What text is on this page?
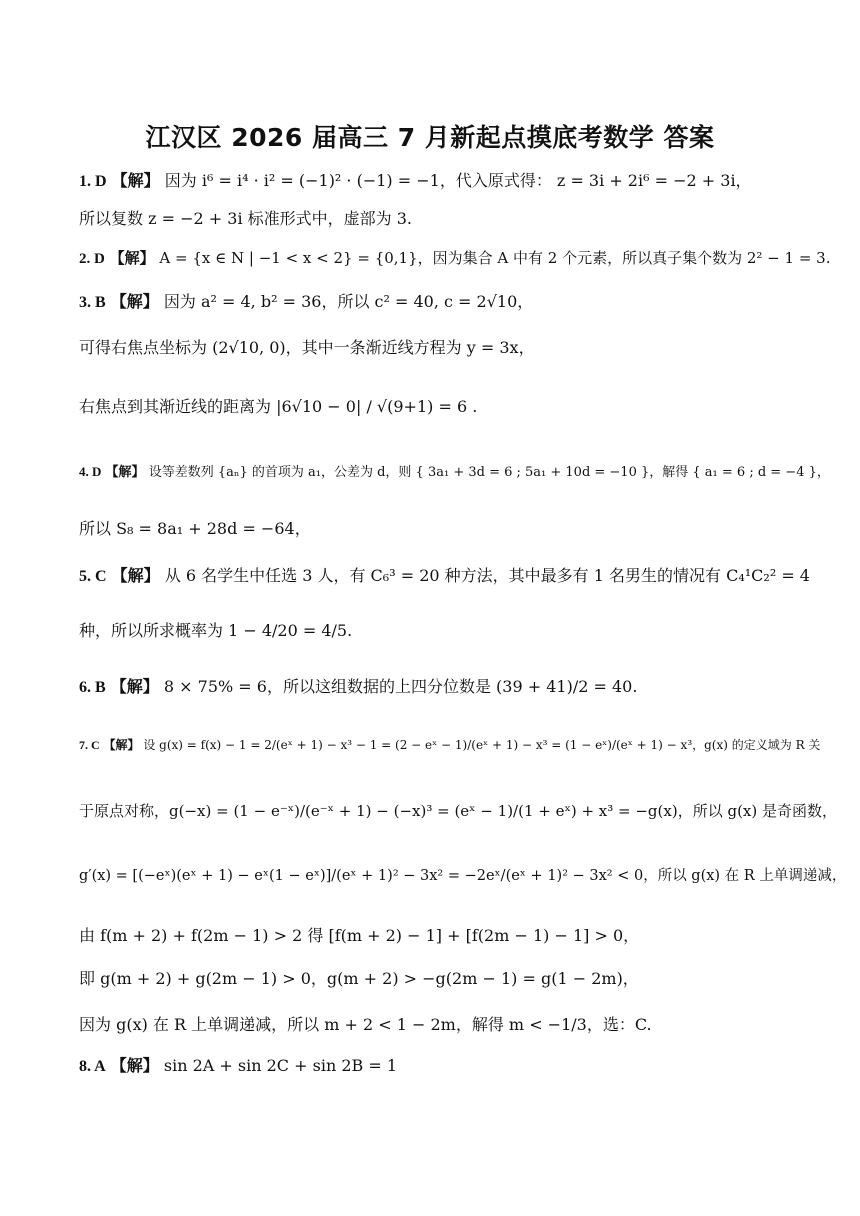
江汉区 2026 届高三 7 月新起点摸底考数学 答案
1. D 【解】 因为 i⁶ = i⁴ · i² = (−1)² · (−1) = −1，代入原式得： z = 3i + 2i⁶ = −2 + 3i，
所以复数 z = −2 + 3i 标准形式中，虚部为 3.
2. D 【解】 A = {x ∈ N | −1 < x < 2} = {0,1}，因为集合 A 中有 2 个元素，所以真子集个数为 2² − 1 = 3.
3. B 【解】 因为 a² = 4, b² = 36，所以 c² = 40, c = 2√10，
可得右焦点坐标为 (2√10, 0)，其中一条渐近线方程为 y = 3x，
右焦点到其渐近线的距离为 |6√10 − 0| / √(9+1) = 6 .
4. D 【解】 设等差数列 {aₙ} 的首项为 a₁，公差为 d，则 { 3a₁ + 3d = 6 ; 5a₁ + 10d = −10 }，解得 { a₁ = 6 ; d = −4 }，
所以 S₈ = 8a₁ + 28d = −64，
5. C 【解】 从 6 名学生中任选 3 人，有 C₆³ = 20 种方法，其中最多有 1 名男生的情况有 C₄¹C₂² = 4
种，所以所求概率为 1 − 4/20 = 4/5.
6. B 【解】 8 × 75% = 6，所以这组数据的上四分位数是 (39 + 41)/2 = 40.
7. C 【解】 设 g(x) = f(x) − 1 = 2/(eˣ + 1) − x³ − 1 = (2 − eˣ − 1)/(eˣ + 1) − x³ = (1 − eˣ)/(eˣ + 1) − x³，g(x) 的定义域为 R 关
于原点对称，g(−x) = (1 − e⁻ˣ)/(e⁻ˣ + 1) − (−x)³ = (eˣ − 1)/(1 + eˣ) + x³ = −g(x)，所以 g(x) 是奇函数，
g′(x) = [(−eˣ)(eˣ + 1) − eˣ(1 − eˣ)]/(eˣ + 1)² − 3x² = −2eˣ/(eˣ + 1)² − 3x² < 0，所以 g(x) 在 R 上单调递减，
由 f(m + 2) + f(2m − 1) > 2 得 [f(m + 2) − 1] + [f(2m − 1) − 1] > 0，
即 g(m + 2) + g(2m − 1) > 0，g(m + 2) > −g(2m − 1) = g(1 − 2m)，
因为 g(x) 在 R 上单调递减，所以 m + 2 < 1 − 2m，解得 m < −1/3，选：C.
8. A 【解】 sin 2A + sin 2C + sin 2B = 1
